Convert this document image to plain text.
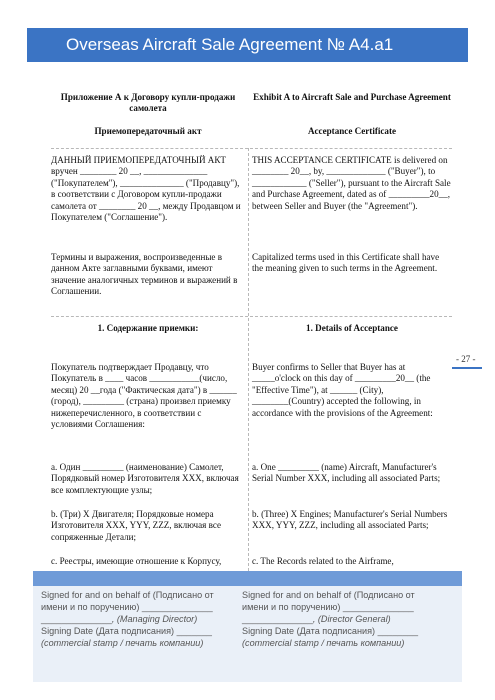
Overseas Aircraft Sale Agreement № A4.a1
Приложение А к Договору купли-продажи самолета
Приемопередаточный акт
ДАННЫЙ ПРИЕМОПЕРЕДАТОЧНЫЙ АКТ вручен ________ 20 __, ______________ ("Покупателем"), ______________ ("Продавцу"), в соответствии с Договором купли-продажи самолета от ________ 20 __, между Продавцом и Покупателем ("Соглашение").
Термины и выражения, воспроизведенные в данном Акте заглавными буквами, имеют значение аналогичных терминов и выражений в Соглашении.
1. Содержание приемки:
Покупатель подтверждает Продавцу, что Покупатель в ____ часов ___________(число, месяц) 20 __года ("Фактическая дата") в ______ (город), _________ (страна) произвел приемку нижеперечисленного, в соответствии с условиями Соглашения:
а. Один _________ (наименование) Самолет, Порядковый номер Изготовителя XXX, включая все комплектующие узлы;
b. (Три) X Двигателя; Порядковые номера Изготовителя XXX, YYY, ZZZ, включая все сопряженные Детали;
с. Реестры, имеющие отношение к Корпусу,
Exhibit A to Aircraft Sale and Purchase Agreement
Acceptance Certificate
THIS ACCEPTANCE CERTIFICATE is delivered on ________ 20__, by, _____________ ("Buyer"), to ____________ ("Seller"), pursuant to the Aircraft Sale and Purchase Agreement, dated as of _________20__, between Seller and Buyer (the "Agreement").
Capitalized terms used in this Certificate shall have the meaning given to such terms in the Agreement.
1. Details of Acceptance
Buyer confirms to Seller that Buyer has at _____o'clock on this day of _________20__ (the "Effective Time"), at ______ (City), ________(Country) accepted the following, in accordance with the provisions of the Agreement:
a. One _________ (name) Aircraft, Manufacturer's Serial Number XXX, including all associated Parts;
b. (Three) X Engines; Manufacturer's Serial Numbers XXX, YYY, ZZZ, including all associated Parts;
c. The Records related to the Airframe,
- 27 -
Signed for and on behalf of (Подписано от
имени и по поручению) ______________
______________, (Managing Director)
Signing Date (Дата подписания) _______
(commercial stamp / печать компании)
Signed for and on behalf of (Подписано от
имени и по поручению) ______________
______________, (Director General)
Signing Date (Дата подписания) ________
(commercial stamp / печать компании)
